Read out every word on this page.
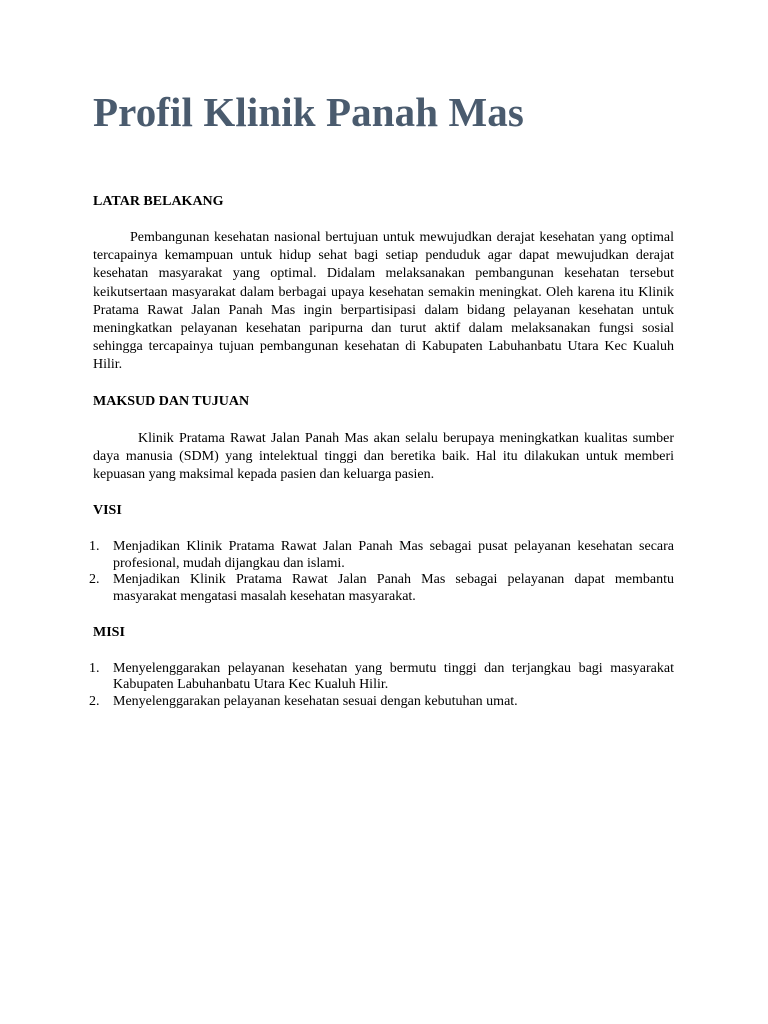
Profil Klinik Panah Mas
LATAR BELAKANG

Pembangunan kesehatan nasional bertujuan untuk mewujudkan derajat kesehatan yang optimal tercapainya kemampuan untuk hidup sehat bagi setiap penduduk agar dapat mewujudkan derajat kesehatan masyarakat yang optimal. Didalam melaksanakan pembangunan kesehatan tersebut keikutsertaan masyarakat dalam berbagai upaya kesehatan semakin meningkat. Oleh karena itu Klinik Pratama Rawat Jalan Panah Mas ingin berpartisipasi dalam bidang pelayanan kesehatan untuk meningkatkan pelayanan kesehatan paripurna dan turut aktif dalam melaksanakan fungsi sosial sehingga tercapainya tujuan pembangunan kesehatan di Kabupaten Labuhanbatu Utara Kec Kualuh Hilir.

MAKSUD DAN TUJUAN

Klinik Pratama Rawat Jalan Panah Mas akan selalu berupaya meningkatkan kualitas sumber daya manusia (SDM) yang intelektual tinggi dan beretika baik. Hal itu dilakukan untuk memberi kepuasan yang maksimal kepada pasien dan keluarga pasien.

VISI
1. Menjadikan Klinik Pratama Rawat Jalan Panah Mas sebagai pusat pelayanan kesehatan secara profesional, mudah dijangkau dan islami.
2. Menjadikan Klinik Pratama Rawat Jalan Panah Mas sebagai pelayanan dapat membantu masyarakat mengatasi masalah kesehatan masyarakat.
MISI
1. Menyelenggarakan pelayanan kesehatan yang bermutu tinggi dan terjangkau bagi masyarakat Kabupaten Labuhanbatu Utara Kec Kualuh Hilir.
2. Menyelenggarakan pelayanan kesehatan sesuai dengan kebutuhan umat.
